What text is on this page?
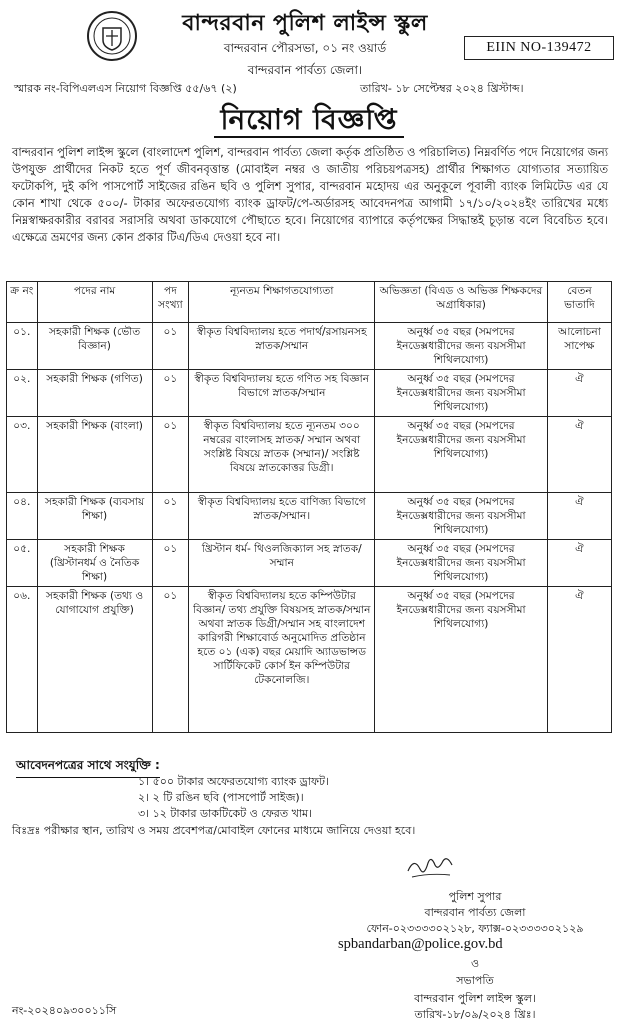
বান্দরবান পুলিশ লাইন্স স্কুল
বান্দরবান পৌরসভা, ০১ নং ওয়ার্ড
বান্দরবান পার্বত্য জেলা।
EIIN NO-139472
স্মারক নং-বিপিএলএস নিয়োগ বিজ্ঞপ্তি ৫৫/৬৭ (২)	তারিখ- ১৮ সেপ্টেম্বর ২০২৪ খ্রিস্টাব্দ।
নিয়োগ বিজ্ঞপ্তি
বান্দরবান পুলিশ লাইন্স স্কুলে (বাংলাদেশ পুলিশ, বান্দরবান পার্বত্য জেলা কর্তৃক প্রতিষ্ঠিত ও পরিচালিত) নিম্নবর্ণিত পদে নিয়োগের জন্য উপযুক্ত প্রার্থীদের নিকট হতে পূর্ণ জীবনবৃত্তান্ত (মোবাইল নম্বর ও জাতীয় পরিচয়পত্রসহ) প্রার্থীর শিক্ষাগত যোগ্যতার সত্যায়িত ফটোকপি, দুই কপি পাসপোর্ট সাইজের রঙিন ছবি ও পুলিশ সুপার, বান্দরবান মহোদয় এর অনুকূলে পূবালী ব্যাংক লিমিটেড এর যে কোন শাখা থেকে ৫০০/- টাকার অফেরতযোগ্য ব্যাংক ড্রাফট/পে-অর্ডারসহ আবেদনপত্র আগামী ১৭/১০/২০২৪ইং তারিখের মধ্যে নিম্নস্বাক্ষরকারীর বরাবর সরাসরি অথবা ডাকযোগে পৌছাতে হবে। নিয়োগের ব্যাপারে কর্তৃপক্ষের সিদ্ধান্তই চূড়ান্ত বলে বিবেচিত হবে। এক্ষেত্রে ভ্রমণের জন্য কোন প্রকার টিএ/ডিএ দেওয়া হবে না।
ক্র নং	পদের নাম	পদ সংখ্যা	ন্যূনতম শিক্ষাগতযোগ্যতা	অভিজ্ঞতা (বিএড ও অভিজ্ঞ শিক্ষকদের অগ্রাধিকার)	বেতন ভাতাদি
০১.	সহকারী শিক্ষক (ভৌত বিজ্ঞান)	০১	স্বীকৃত বিশ্ববিদ্যালয় হতে পদার্থ/রসায়নসহ স্নাতক/সম্মান	অনুর্ধ্ব ৩৫ বছর (সমপদের ইনডেক্সধারীদের জন্য বয়সসীমা শিথিলযোগ্য)	আলোচনা সাপেক্ষ
০২.	সহকারী শিক্ষক (গণিত)	০১	স্বীকৃত বিশ্ববিদ্যালয় হতে গণিত সহ বিজ্ঞান বিভাগে স্নাতক/সম্মান	অনুর্ধ্ব ৩৫ বছর (সমপদের ইনডেক্সধারীদের জন্য বয়সসীমা শিথিলযোগ্য)	ঐ
০৩.	সহকারী শিক্ষক (বাংলা)	০১	স্বীকৃত বিশ্ববিদ্যালয় হতে ন্যূনতম ৩০০ নম্বরের বাংলাসহ স্নাতক/ সম্মান অথবা সংশ্লিষ্ট বিষয়ে স্নাতক (সম্মান)/ সংশ্লিষ্ট বিষয়ে স্নাতকোত্তর ডিগ্রী।	অনুর্ধ্ব ৩৫ বছর (সমপদের ইনডেক্সধারীদের জন্য বয়সসীমা শিথিলযোগ্য)	ঐ
০৪.	সহকারী শিক্ষক (ব্যবসায় শিক্ষা)	০১	স্বীকৃত বিশ্ববিদ্যালয় হতে বাণিজ্য বিভাগে স্নাতক/সম্মান।	অনুর্ধ্ব ৩৫ বছর (সমপদের ইনডেক্সধারীদের জন্য বয়সসীমা শিথিলযোগ্য)	ঐ
০৫.	সহকারী শিক্ষক (খ্রিস্টানধর্ম ও নৈতিক শিক্ষা)	০১	খ্রিস্টান ধর্ম- থিওলজিক্যাল সহ স্নাতক/সম্মান	অনুর্ধ্ব ৩৫ বছর (সমপদের ইনডেক্সধারীদের জন্য বয়সসীমা শিথিলযোগ্য)	ঐ
০৬.	সহকারী শিক্ষক (তথ্য ও যোগাযোগ প্রযুক্তি)	০১	স্বীকৃত বিশ্ববিদ্যালয় হতে কম্পিউটার বিজ্ঞান/ তথ্য প্রযুক্তি বিষয়সহ স্নাতক/সম্মান অথবা স্নাতক ডিগ্রী/সম্মান সহ বাংলাদেশ কারিগরী শিক্ষাবোর্ড অনুমোদিত প্রতিষ্ঠান হতে ০১ (এক) বছর মেয়াদি অ্যাডভান্সড সার্টিফিকেট কোর্স ইন কম্পিউটার টেকনোলজি।	অনুর্ধ্ব ৩৫ বছর (সমপদের ইনডেক্সধারীদের জন্য বয়সসীমা শিথিলযোগ্য)	ঐ
আবেদনপত্রের সাথে সংযুক্তি :
১। ৫০০ টাকার অফেরতযোগ্য ব্যাংক ড্রাফট।
২। ২ টি রঙিন ছবি (পাসপোর্ট সাইজ)।
৩। ১২ টাকার ডাকটিকেট ও ফেরত খাম।
বিঃদ্রঃ পরীক্ষার স্থান, তারিখ ও সময় প্রবেশপত্র/মোবাইল ফোনের মাধ্যমে জানিয়ে দেওয়া হবে।
পুলিশ সুপার
বান্দরবান পার্বত্য জেলা
ফোন-০২৩৩৩৩০২১২৮, ফ্যাক্স-০২৩৩৩৩০২১২৯
spbandarban@police.gov.bd
ও
সভাপতি
বান্দরবান পুলিশ লাইন্স স্কুল।
তারিখ-১৮/০৯/২০২৪ খ্রিঃ।
নং-২০২৪০৯৩০০১১সি
